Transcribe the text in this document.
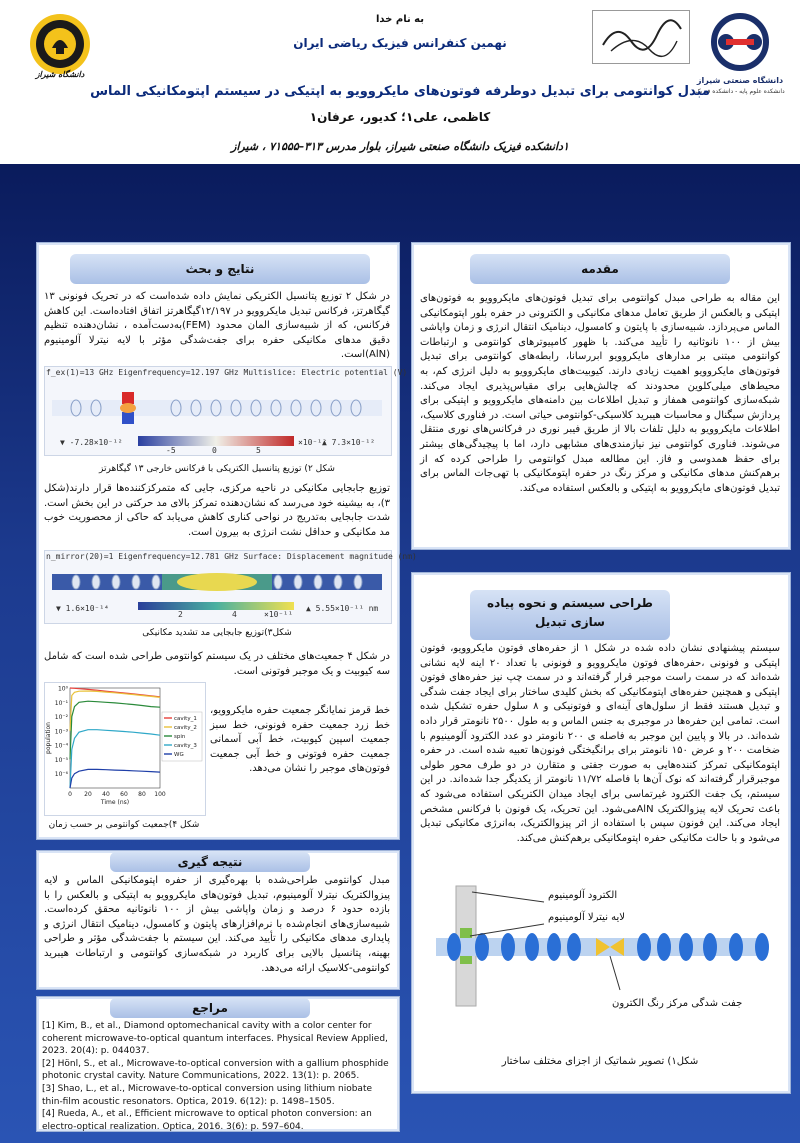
دانشگاه شیراز
دانشگاه صنعتی شیراز
دانشکده علوم پایه - دانشکده فیزیک
به نام خدا
نهمین کنفرانس فیزیک ریاضی ایران
مبدل کوانتومی برای تبدیل دوطرفه فوتون‌های مایکروویو به اپتیکی در سیستم اپتومکانیکی الماس
کاظمی، علی۱؛ کدیور، عرفان۱
۱دانشکده فیزیک دانشگاه صنعتی شیراز، بلوار مدرس ۳۱۳–۷۱۵۵۵ ، شیراز
مقدمه
این مقاله به طراحی مبدل کوانتومی برای تبدیل فوتون‌های مایکروویو به فوتون‌های اپتیکی و بالعکس از طریق تعامل مدهای مکانیکی و الکترونی در حفره بلور اپتومکانیکی الماس می‌پردازد. شبیه‌سازی با پایتون و کامسول، دینامیک انتقال انرژی و زمان واپاشی بیش از ۱۰۰ نانوثانیه را تأیید می‌کند. با ظهور کامپیوترهای کوانتومی و ارتباطات کوانتومی مبتنی بر مدارهای مایکروویو ابررسانا، رابطه‌های کوانتومی برای تبدیل فوتون‌های مایکروویو اهمیت زیادی دارند. کیوبیت‌های مایکروویو به دلیل انرژی کم، به محیط‌های میلی‌کلوین محدودند که چالش‌هایی برای مقیاس‌پذیری ایجاد می‌کند. شبکه‌سازی کوانتومی همفاز و تبدیل اطلاعات بین دامنه‌های مایکروویو و اپتیکی برای پردازش سیگنال و محاسبات هیبرید کلاسیکی-کوانتومی حیاتی است. در فناوری کلاسیک، اطلاعات مایکروویو به دلیل تلفات بالا از طریق فیبر نوری در فرکانس‌های نوری منتقل می‌شوند. فناوری کوانتومی نیز نیازمندی‌های مشابهی دارد، اما با پیچیدگی‌های بیشتر برای حفظ همدوسی و فاز. این مطالعه مبدل کوانتومی را طراحی کرده که از برهم‌کنش مدهای مکانیکی و مرکز رنگ در حفره اپتومکانیکی با تهی‌جات الماس برای تبدیل فوتون‌های مایکروویو به اپتیکی و بالعکس استفاده می‌کند.
طراحی سیستم و نحوه پیاده سازی تبدیل
سیستم پیشنهادی نشان داده شده در شکل ۱ از حفره‌های فوتون مایکروویو، فوتون اپتیکی و فونونی ،حفره‌های فوتون مایکروویو و فونونی با تعداد ۲۰ اینه لایه نشانی شده‌اند که در سمت راست موجبر قرار گرفته‌اند و در سمت چپ نیز حفره‌های فوتون اپتیکی و همچنین حفره‌های اپتومکانیکی که بخش کلیدی ساختار برای ایجاد جفت شدگی و تبدیل هستند فقط از سلول‌های آینه‌ای و فوتونیکی و ۸ سلول حفره تشکیل شده است. تمامی این حفره‌ها در موجبری به جنس الماس و به طول ۲۵۰۰ نانومتر قرار داده شده‌اند. در بالا و پایین این موجبر به فاصله ی ۲۰۰ نانومتر دو عدد الکترود آلومینیوم با ضخامت ۲۰۰ و عرض ۱۵۰ نانومتر برای برانگیختگی فونون‌ها تعبیه شده است. در حفره اپتومکانیکی تمرکز کننده‌هایی به صورت جفتی و متقارن در دو طرف محور طولی موجبرقرار گرفته‌اند که نوک آن‌ها با فاصله ۱۱/۷۲ نانومتر از یکدیگر جدا شده‌اند. در این سیستم، یک جفت الکترود غیرتماسی برای ایجاد میدان الکتریکی استفاده می‌شود که باعث تحریک لایه پیزوالکتریک AlNمی‌شود. این تحریک، یک فونون با فرکانس مشخص ایجاد می‌کند. این فونون سپس با استفاده از اثر پیزوالکتریک، به‌انرژی مکانیکی تبدیل می‌شود و با حالت مکانیکی حفره اپتومکانیکی برهم‌کنش می‌کند.
الکترود آلومینیوم
لایه نیترلا آلومینیوم
جفت شدگی مرکز رنگ الکترون
شکل۱) تصویر شماتیک از اجزای مختلف ساختار
نتایج و بحث
در شکل ۲ توزیع پتانسیل الکتریکی نمایش داده شده‌است که در تحریک فونونی ۱۳ گیگاهرتز، فرکانس تبدیل مایکروویو در ۱۲/۱۹۷گیگاهرتز اتفاق افتاده‌است. این کاهش فرکانس، که از شبیه‌سازی المان محدود (FEM)به‌دست‌آمده ، نشان‌دهنده تنظیم دقیق مدهای مکانیکی حفره برای جفت‌شدگی مؤثر با لایه نیترلا آلومینیوم (AlN)است.
f_ex(1)=13 GHz Eigenfrequency=12.197 GHz Multislice: Electric potential (V)
▼ -7.28×10⁻¹²
-5	0	5
×10⁻¹²
▲ 7.3×10⁻¹²
شکل ۲) توزیع پتانسیل الکتریکی با فرکانس خارجی ۱۳ گیگاهرتز
توزیع جابجایی مکانیکی در ناحیه مرکزی، جایی که متمرکزکننده‌ها قرار دارند(شکل ۳)، به بیشینه خود می‌رسد که نشان‌دهنده تمرکز بالای مد حرکتی در این بخش است. شدت جابجایی به‌تدریج در نواحی کناری کاهش می‌یابد که حاکی از محصوریت خوب مد مکانیکی و حداقل نشت انرژی به بیرون است.
n_mirror(20)=1 Eigenfrequency=12.781 GHz Surface: Displacement magnitude (nm)
▼ 1.6×10⁻¹⁴
2	4	×10⁻¹¹
▲ 5.55×10⁻¹¹ nm
شکل۳)توزیع جابجایی مد تشدید مکانیکی
در شکل ۴ جمعیت‌های مختلف در یک سیستم کوانتومی طراحی شده است که شامل سه کیوبیت و یک موجبر فوتونی است.
10⁰
10⁻¹
10⁻²
10⁻³
10⁻⁴
10⁻⁵
10⁻⁶
0 20 40 60 80 100
Time (ns)
population
cavity_1
cavity_2
spin
cavity_3
WG
خط قرمز نمایانگر جمعیت حفره مایکروویو، خط زرد جمعیت حفره فونونی، خط سبز جمعیت اسپین کیوبیت، خط آبی آسمانی جمعیت حفره فوتونی و خط آبی جمعیت فوتون‌های موجبر را نشان می‌دهد.
شکل ۴)جمعیت کوانتومی بر حسب زمان
نتیجه گیری
مبدل کوانتومی طراحی‌شده با بهره‌گیری از حفره اپتومکانیکی الماس و لایه پیزوالکتریک نیترلا آلومینیوم، تبدیل فوتون‌های مایکروویو به اپتیکی و بالعکس را با بازده حدود ۶ درصد و زمان واپاشی بیش از ۱۰۰ نانوثانیه محقق کرده‌است. شبیه‌سازی‌های انجام‌شده با نرم‌افزارهای پایتون و کامسول، دینامیک انتقال انرژی و پایداری مدهای مکانیکی را تأیید می‌کند. این سیستم با جفت‌شدگی مؤثر و طراحی بهینه، پتانسیل بالایی برای کاربرد در شبکه‌سازی کوانتومی و ارتباطات هیبرید کوانتومی-کلاسیک ارائه می‌دهد.
مراجع
[1] Kim, B., et al., Diamond optomechanical cavity with a color center for coherent microwave-to-optical quantum interfaces. Physical Review Applied, 2023. 20(4): p. 044037.
[2] Hönl, S., et al., Microwave-to-optical conversion with a gallium phosphide photonic crystal cavity. Nature Communications, 2022. 13(1): p. 2065.
[3] Shao, L., et al., Microwave-to-optical conversion using lithium niobate thin-film acoustic resonators. Optica, 2019. 6(12): p. 1498–1505.
[4] Rueda, A., et al., Efficient microwave to optical photon conversion: an electro-optical realization. Optica, 2016. 3(6): p. 597–604.
